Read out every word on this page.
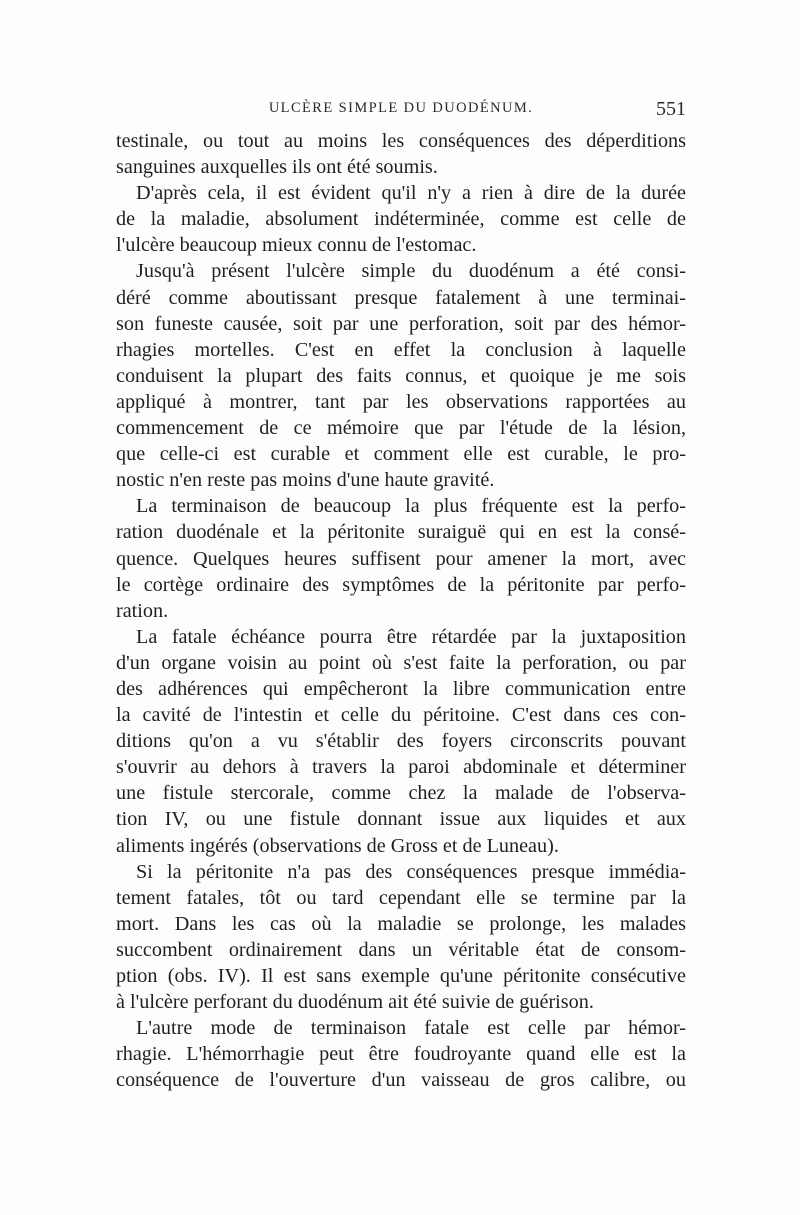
ULCÈRE SIMPLE DU DUODÉNUM.	551
testinale, ou tout au moins les conséquences des déperditions
sanguines auxquelles ils ont été soumis.
D'après cela, il est évident qu'il n'y a rien à dire de la durée
de la maladie, absolument indéterminée, comme est celle de
l'ulcère beaucoup mieux connu de l'estomac.
Jusqu'à présent l'ulcère simple du duodénum a été consi-
déré comme aboutissant presque fatalement à une terminai-
son funeste causée, soit par une perforation, soit par des hémor-
rhagies mortelles. C'est en effet la conclusion à laquelle
conduisent la plupart des faits connus, et quoique je me sois
appliqué à montrer, tant par les observations rapportées au
commencement de ce mémoire que par l'étude de la lésion,
que celle-ci est curable et comment elle est curable, le pro-
nostic n'en reste pas moins d'une haute gravité.
La terminaison de beaucoup la plus fréquente est la perfo-
ration duodénale et la péritonite suraiguë qui en est la consé-
quence. Quelques heures suffisent pour amener la mort, avec
le cortège ordinaire des symptômes de la péritonite par perfo-
ration.
La fatale échéance pourra être rétardée par la juxtaposition
d'un organe voisin au point où s'est faite la perforation, ou par
des adhérences qui empêcheront la libre communication entre
la cavité de l'intestin et celle du péritoine. C'est dans ces con-
ditions qu'on a vu s'établir des foyers circonscrits pouvant
s'ouvrir au dehors à travers la paroi abdominale et déterminer
une fistule stercorale, comme chez la malade de l'observa-
tion IV, ou une fistule donnant issue aux liquides et aux
aliments ingérés (observations de Gross et de Luneau).
Si la péritonite n'a pas des conséquences presque immédia-
tement fatales, tôt ou tard cependant elle se termine par la
mort. Dans les cas où la maladie se prolonge, les malades
succombent ordinairement dans un véritable état de consom-
ption (obs. IV). Il est sans exemple qu'une péritonite consécutive
à l'ulcère perforant du duodénum ait été suivie de guérison.
L'autre mode de terminaison fatale est celle par hémor-
rhagie. L'hémorrhagie peut être foudroyante quand elle est la
conséquence de l'ouverture d'un vaisseau de gros calibre, ou
